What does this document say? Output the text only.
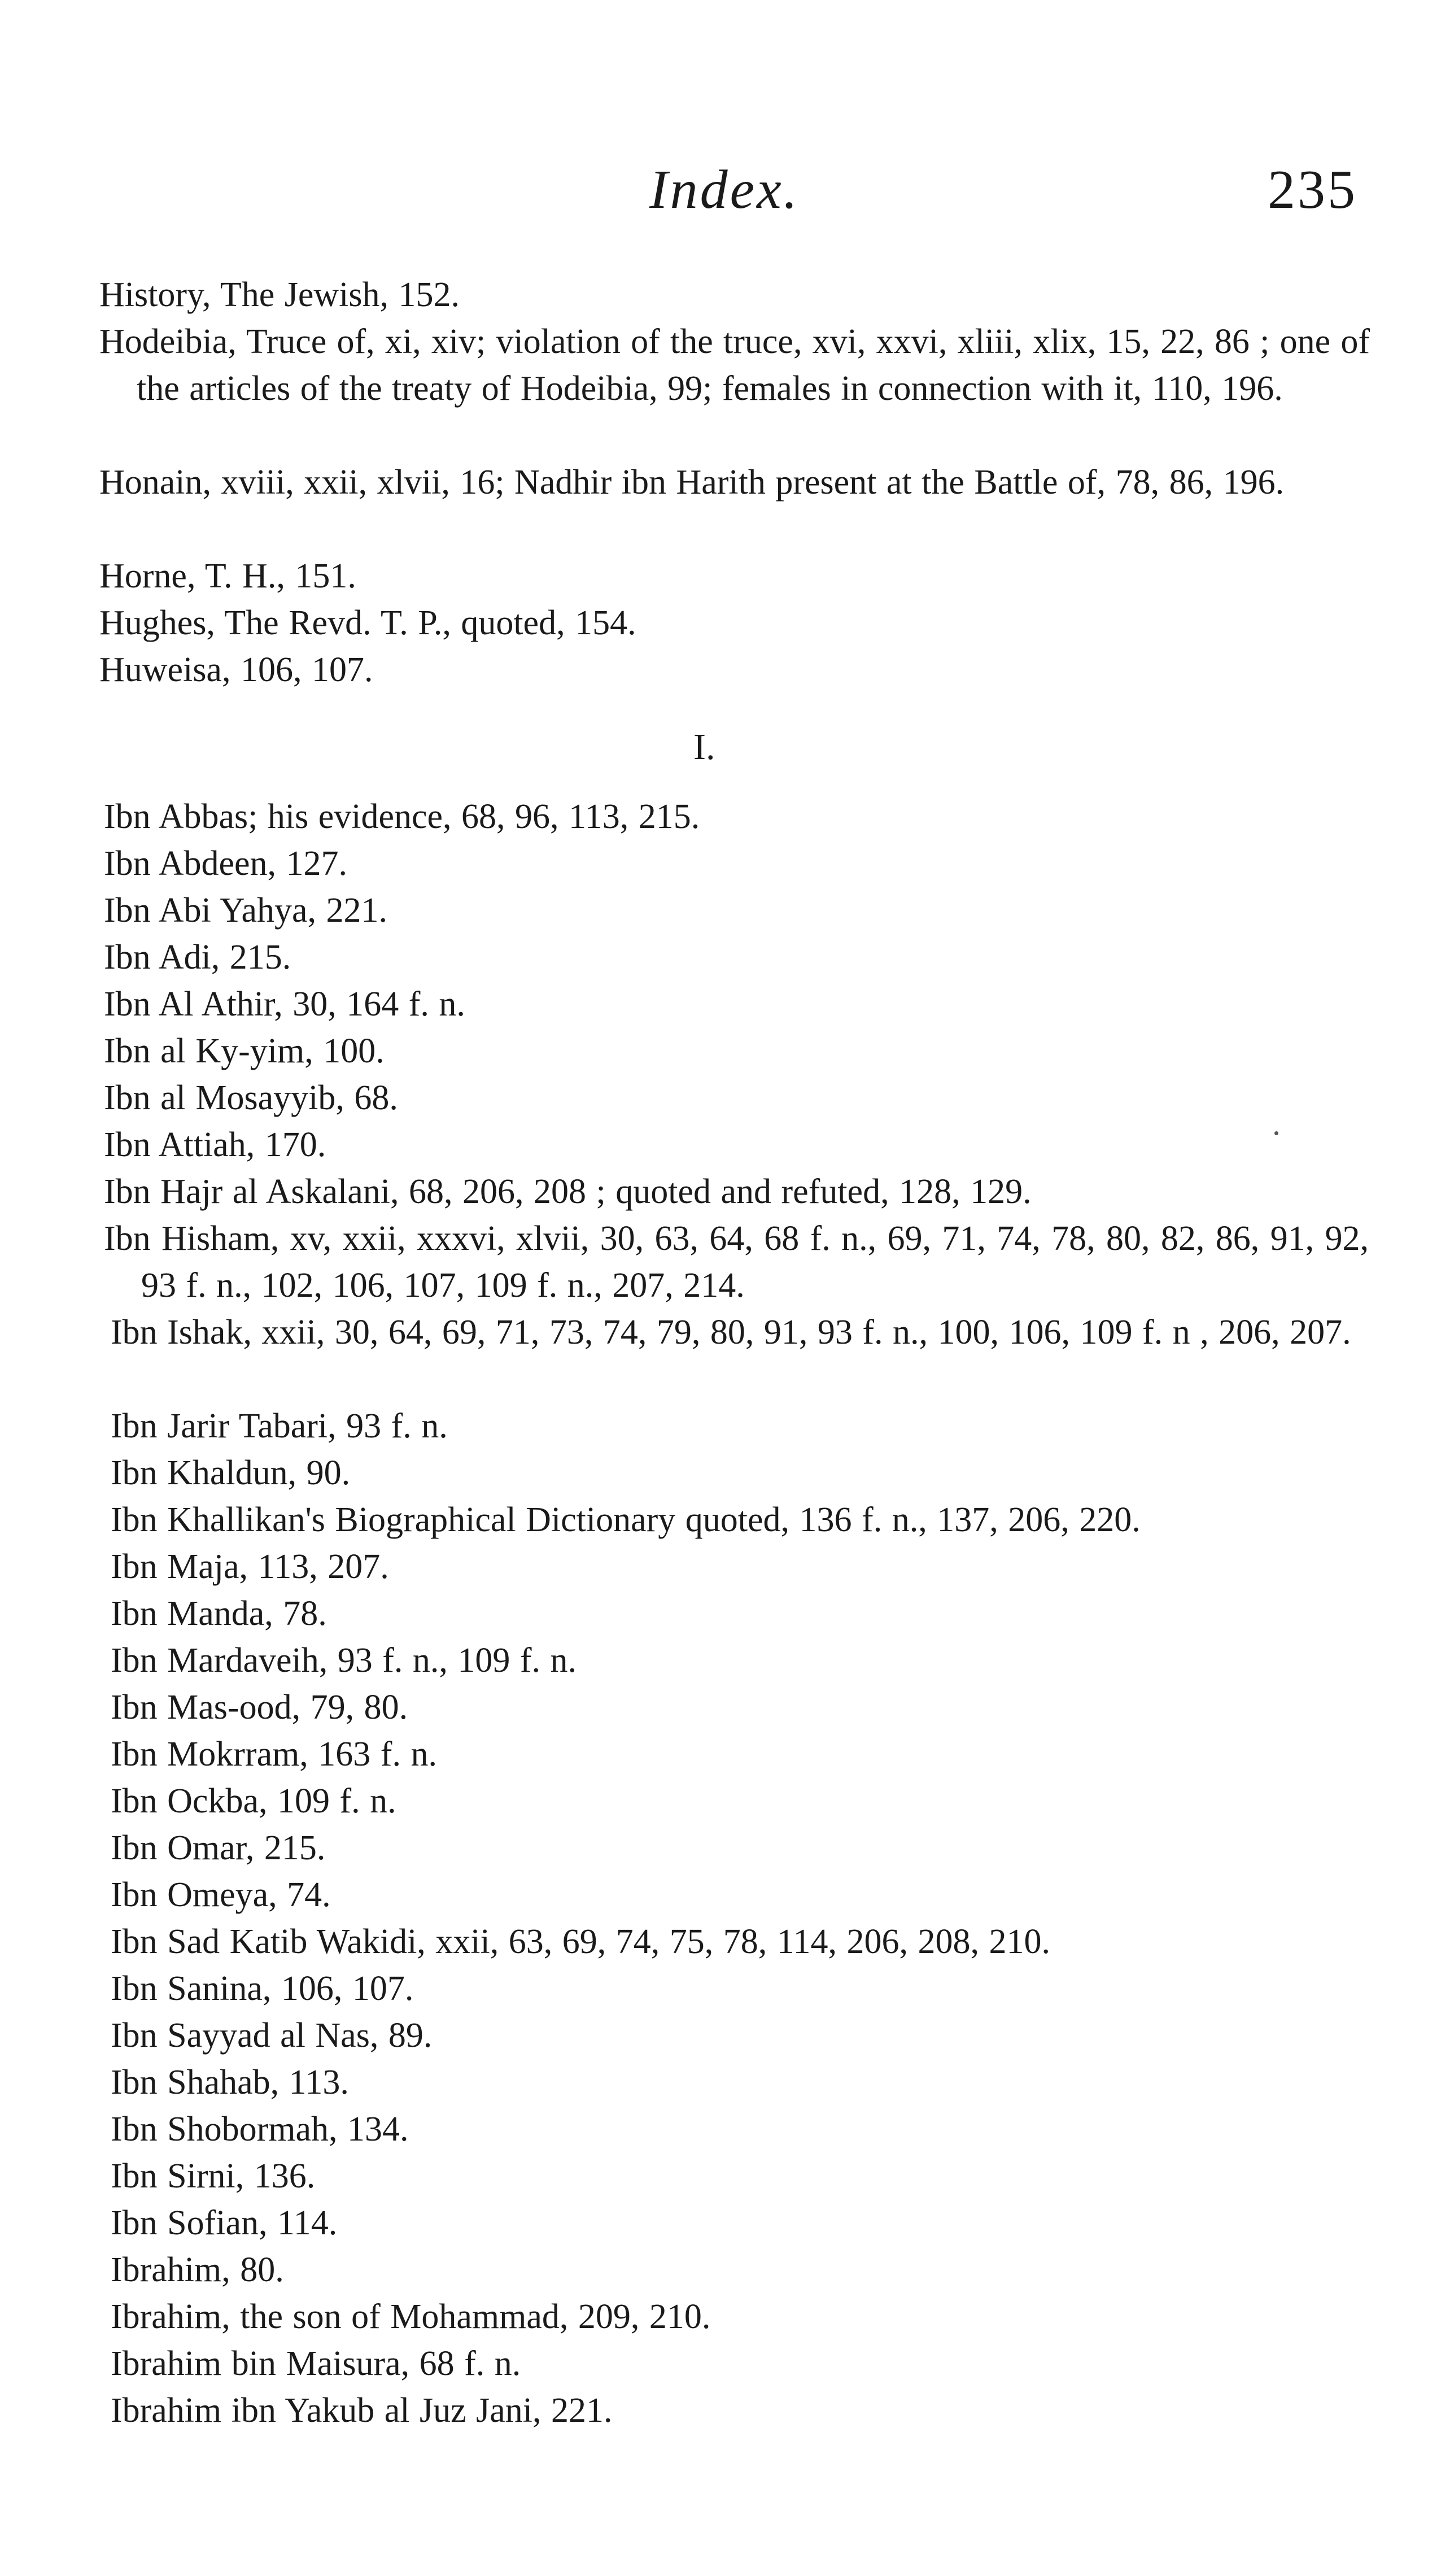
Index.	235
History, The Jewish, 152.
Hodeibia, Truce of, xi, xiv; violation of the truce, xvi, xxvi, xliii, xlix, 15, 22, 86 ; one of the articles of the treaty of Hodeibia, 99; females in connection with it, 110, 196.
Honain, xviii, xxii, xlvii, 16; Nadhir ibn Harith present at the Battle of, 78, 86, 196.
Horne, T. H., 151.
Hughes, The Revd. T. P., quoted, 154.
Huweisa, 106, 107.
I.
Ibn Abbas; his evidence, 68, 96, 113, 215.
Ibn Abdeen, 127.
Ibn Abi Yahya, 221.
Ibn Adi, 215.
Ibn Al Athir, 30, 164 f. n.
Ibn al Ky-yim, 100.
Ibn al Mosayyib, 68.
Ibn Attiah, 170.
Ibn Hajr al Askalani, 68, 206, 208 ; quoted and refuted, 128, 129.
Ibn Hisham, xv, xxii, xxxvi, xlvii, 30, 63, 64, 68 f. n., 69, 71, 74, 78, 80, 82, 86, 91, 92, 93 f. n., 102, 106, 107, 109 f. n., 207, 214.
Ibn Ishak, xxii, 30, 64, 69, 71, 73, 74, 79, 80, 91, 93 f. n., 100, 106, 109 f. n , 206, 207.
Ibn Jarir Tabari, 93 f. n.
Ibn Khaldun, 90.
Ibn Khallikan's Biographical Dictionary quoted, 136 f. n., 137, 206, 220.
Ibn Maja, 113, 207.
Ibn Manda, 78.
Ibn Mardaveih, 93 f. n., 109 f. n.
Ibn Mas-ood, 79, 80.
Ibn Mokrram, 163 f. n.
Ibn Ockba, 109 f. n.
Ibn Omar, 215.
Ibn Omeya, 74.
Ibn Sad Katib Wakidi, xxii, 63, 69, 74, 75, 78, 114, 206, 208, 210.
Ibn Sanina, 106, 107.
Ibn Sayyad al Nas, 89.
Ibn Shahab, 113.
Ibn Shobormah, 134.
Ibn Sirni, 136.
Ibn Sofian, 114.
Ibrahim, 80.
Ibrahim, the son of Mohammad, 209, 210.
Ibrahim bin Maisura, 68 f. n.
Ibrahim ibn Yakub al Juz Jani, 221.
